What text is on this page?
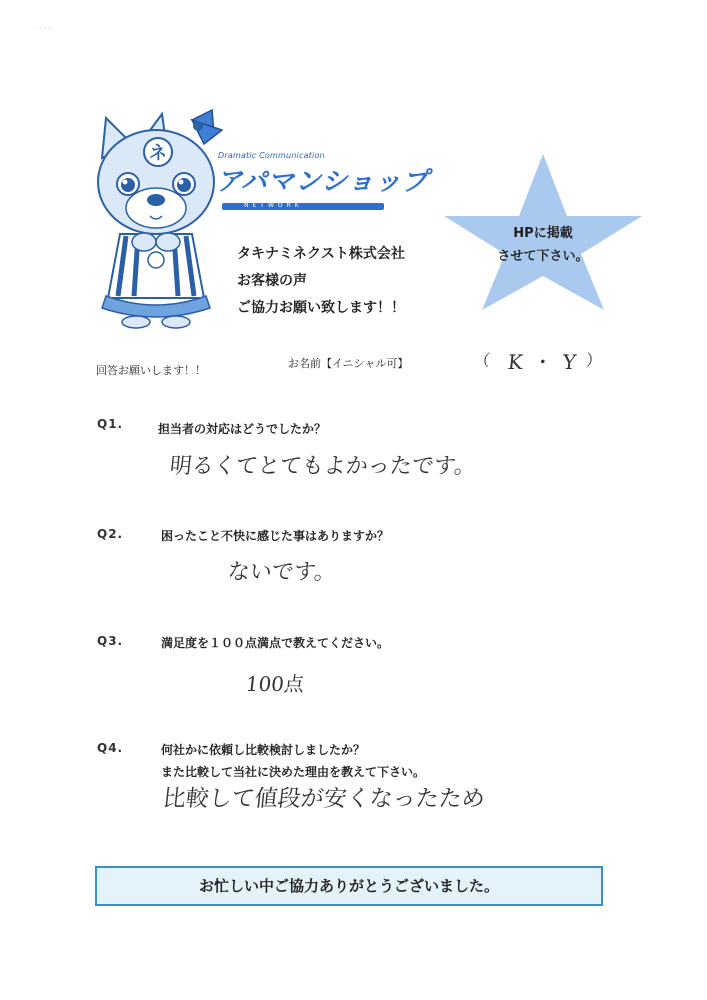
· · · · ·
ネ	Dramatic Communication
アパマンショップ
NETWORK
タキナミネクスト株式会社
お客様の声
ご協力お願い致します！！
HPに掲載
させて下さい。
お名前【イニシャル可】
回答お願いします！！
（ K・Y
）
Q1.	担当者の対応はどうでしたか？
明るくてとてもよかったです。
Q2.	困ったこと不快に感じた事はありますか？
ないです。
Q3.	満足度を１００点満点で教えてください。
100点
Q4.	何社かに依頼し比較検討しましたか？
また比較して当社に決めた理由を教えて下さい。
比較して値段が安くなったため
お忙しい中ご協力ありがとうございました。
